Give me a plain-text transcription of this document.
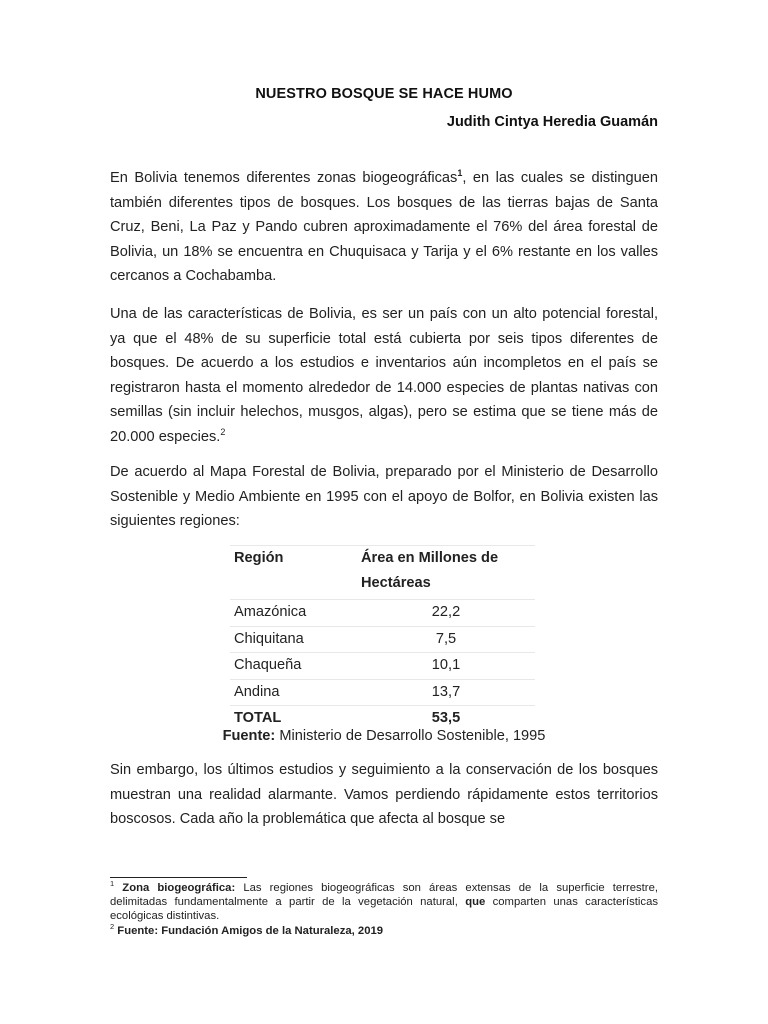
NUESTRO BOSQUE SE HACE HUMO
Judith Cintya Heredia Guamán

En Bolivia tenemos diferentes zonas biogeográficas$^1$, en las cuales se distinguen también diferentes tipos de bosques. Los bosques de las tierras bajas de Santa Cruz, Beni, La Paz y Pando cubren aproximadamente el 76% del área forestal de Bolivia, un 18% se encuentra en Chuquisaca y Tarija y el 6% restante en los valles cercanos a Cochabamba.

Una de las características de Bolivia, es ser un país con un alto potencial forestal, ya que el 48% de su superficie total está cubierta por seis tipos diferentes de bosques. De acuerdo a los estudios e inventarios aún incompletos en el país se registraron hasta el momento alrededor de 14.000 especies de plantas nativas con semillas (sin incluir helechos, musgos, algas), pero se estima que se tiene más de 20.000 especies.$^2$

De acuerdo al Mapa Forestal de Bolivia, preparado por el Ministerio de Desarrollo Sostenible y Medio Ambiente en 1995 con el apoyo de Bolfor, en Bolivia existen las siguientes regiones:

Región	Área en Millones de Hectáreas
Amazónica	22,2
Chiquitana	7,5
Chaqueña	10,1
Andina	13,7
TOTAL	53,5
Fuente: Ministerio de Desarrollo Sostenible, 1995

Sin embargo, los últimos estudios y seguimiento a la conservación de los bosques muestran una realidad alarmante. Vamos perdiendo rápidamente estos territorios boscosos. Cada año la problemática que afecta al bosque se

$^1$ Zona biogeográfica: Las regiones biogeográficas son áreas extensas de la superficie terrestre, delimitadas fundamentalmente a partir de la vegetación natural, que comparten unas características ecológicas distintivas.

$^2$ Fuente: Fundación Amigos de la Naturaleza, 2019
